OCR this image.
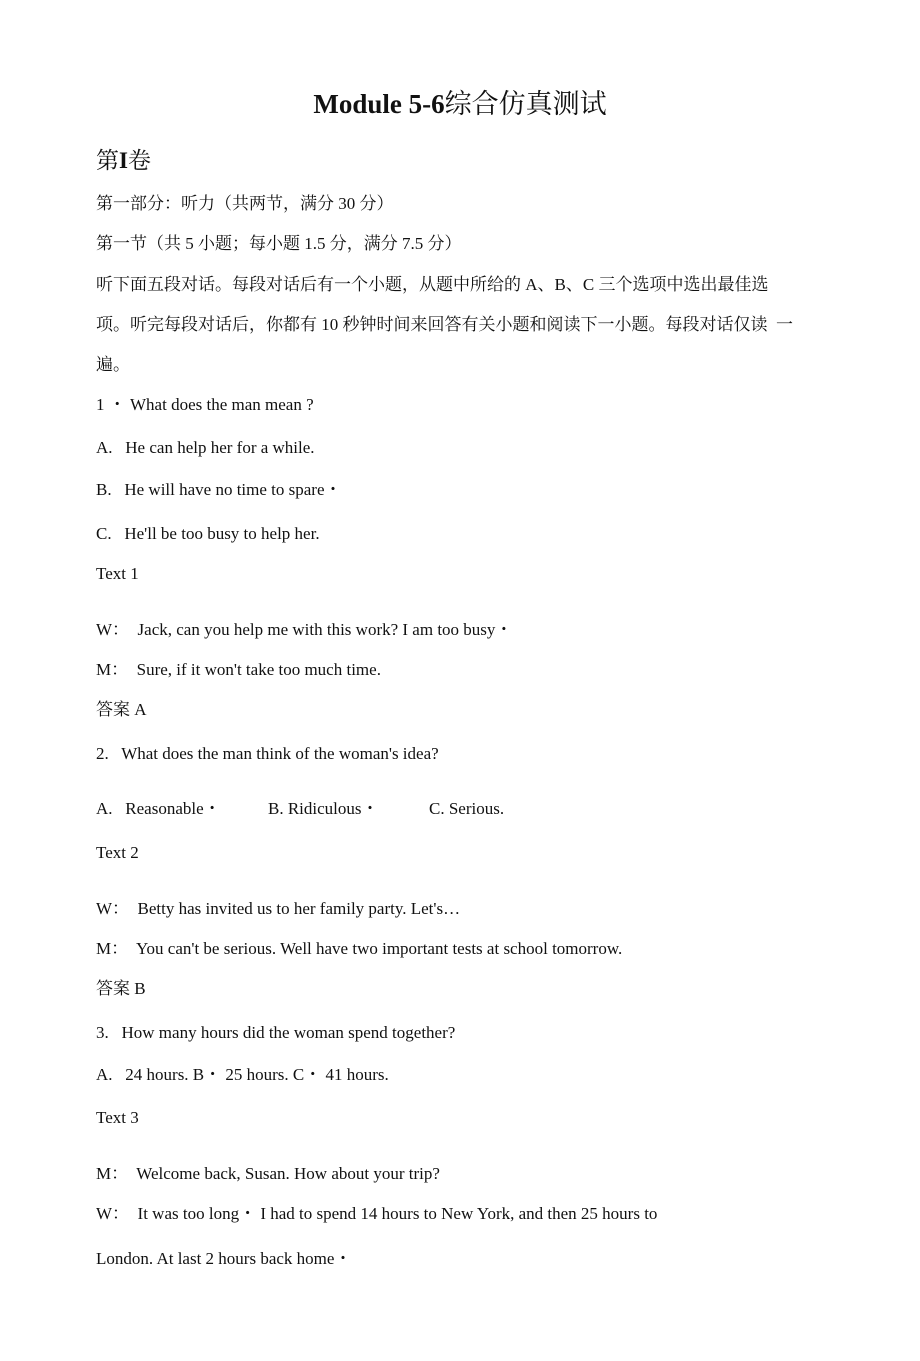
Module 5-6综合仿真测试
第I卷
第一部分：听力（共两节，满分 30 分）
第一节（共 5 小题；每小题 1.5 分，满分 7.5 分）
听下面五段对话。每段对话后有一个小题，从题中所给的 A、B、C 三个选项中选出最佳选
项。听完每段对话后，你都有 10 秒钟时间来回答有关小题和阅读下一小题。每段对话仅读  一
遍。
1 ・ What does the man mean ?
A.   He can help her for a while.
B.   He will have no time to spare・
C.   He'll be too busy to help her.
Text 1
W：  Jack, can you help me with this work? I am too busy・
M：  Sure, if it won't take too much time.
答案 A
2.   What does the man think of the woman's idea?
A.   Reasonable・	B. Ridiculous・	C. Serious.
Text 2
W：  Betty has invited us to her family party. Let's…
M：  You can't be serious. Well have two important tests at school tomorrow.
答案 B
3.   How many hours did the woman spend together?
A.   24 hours. B・ 25 hours. C・ 41 hours.
Text 3
M：  Welcome back, Susan. How about your trip?
W：  It was too long・ I had to spend 14 hours to New York, and then 25 hours to
London. At last 2 hours back home・
